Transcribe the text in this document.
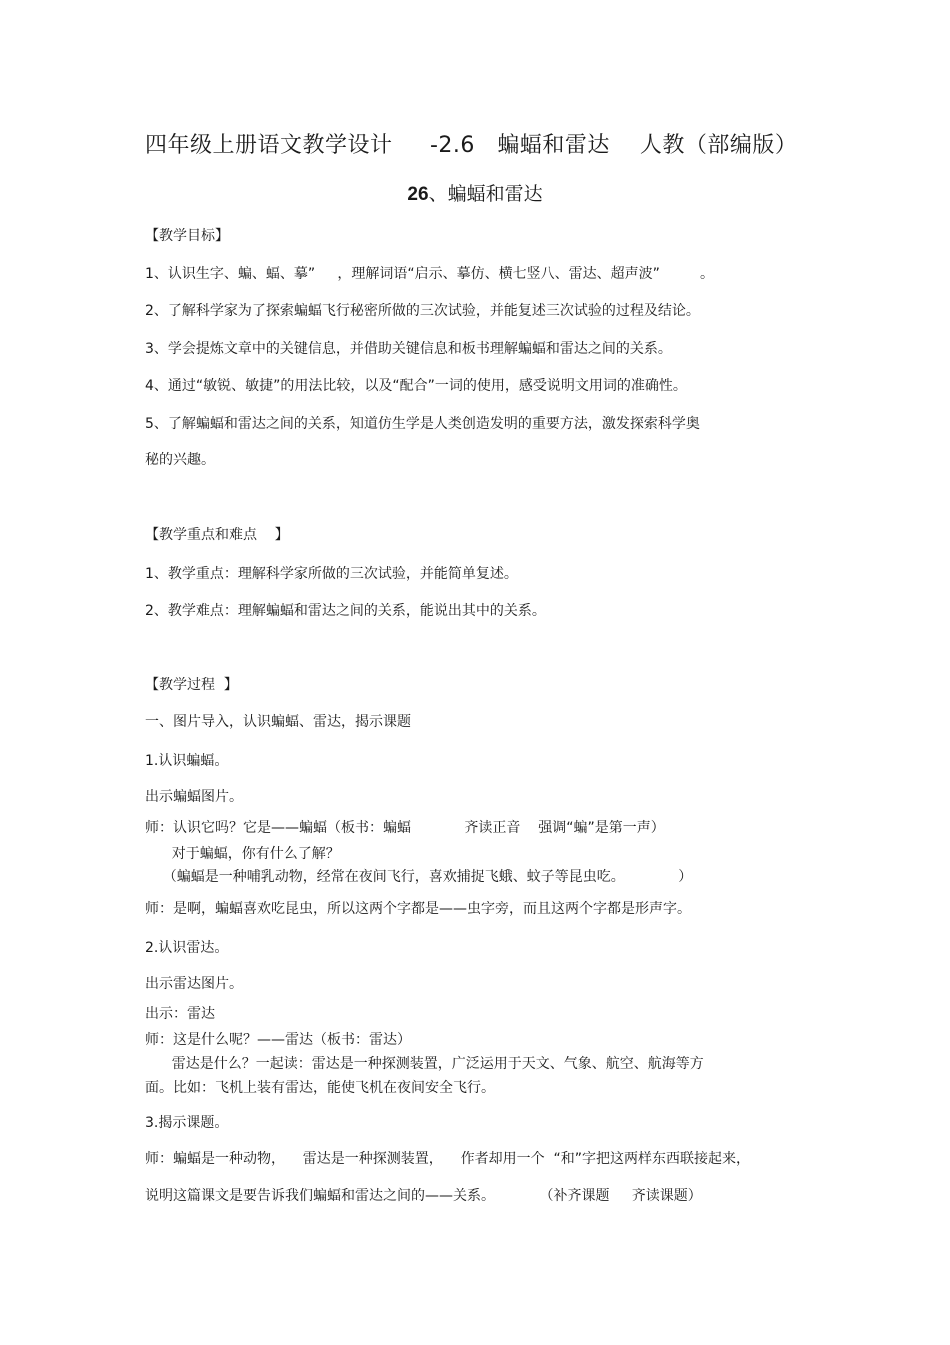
四年级上册语文教学设计     -2.6   蝙蝠和雷达    人教（部编版）
26、蝙蝠和雷达
【教学目标】
1、认识生字、蝙、蝠、摹”     ，理解词语“启示、摹仿、横七竖八、雷达、超声波”         。
2、了解科学家为了探索蝙蝠飞行秘密所做的三次试验，并能复述三次试验的过程及结论。
3、学会提炼文章中的关键信息，并借助关键信息和板书理解蝙蝠和雷达之间的关系。
4、通过“敏锐、敏捷”的用法比较，以及“配合”一词的使用，感受说明文用词的准确性。
5、了解蝙蝠和雷达之间的关系，知道仿生学是人类创造发明的重要方法，激发探索科学奥
秘的兴趣。
【教学重点和难点    】
1、教学重点：理解科学家所做的三次试验，并能简单复述。
2、教学难点：理解蝙蝠和雷达之间的关系，能说出其中的关系。
【教学过程  】
一、图片导入，认识蝙蝠、雷达，揭示课题
1.认识蝙蝠。
出示蝙蝠图片。
师：认识它吗？它是——蝙蝠（板书：蝙蝠            齐读正音    强调“蝙”是第一声）
对于蝙蝠，你有什么了解？
（蝙蝠是一种哺乳动物，经常在夜间飞行，喜欢捕捉飞蛾、蚊子等昆虫吃。            ）
师：是啊，蝙蝠喜欢吃昆虫，所以这两个字都是——虫字旁，而且这两个字都是形声字。
2.认识雷达。
出示雷达图片。
出示：雷达
师：这是什么呢？——雷达（板书：雷达）
雷达是什么？一起读：雷达是一种探测装置，广泛运用于天文、气象、航空、航海等方
面。比如：飞机上装有雷达，能使飞机在夜间安全飞行。
3.揭示课题。
师：蝙蝠是一种动物，    雷达是一种探测装置，    作者却用一个  “和”字把这两样东西联接起来，
说明这篇课文是要告诉我们蝙蝠和雷达之间的——关系。          （补齐课题     齐读课题）
